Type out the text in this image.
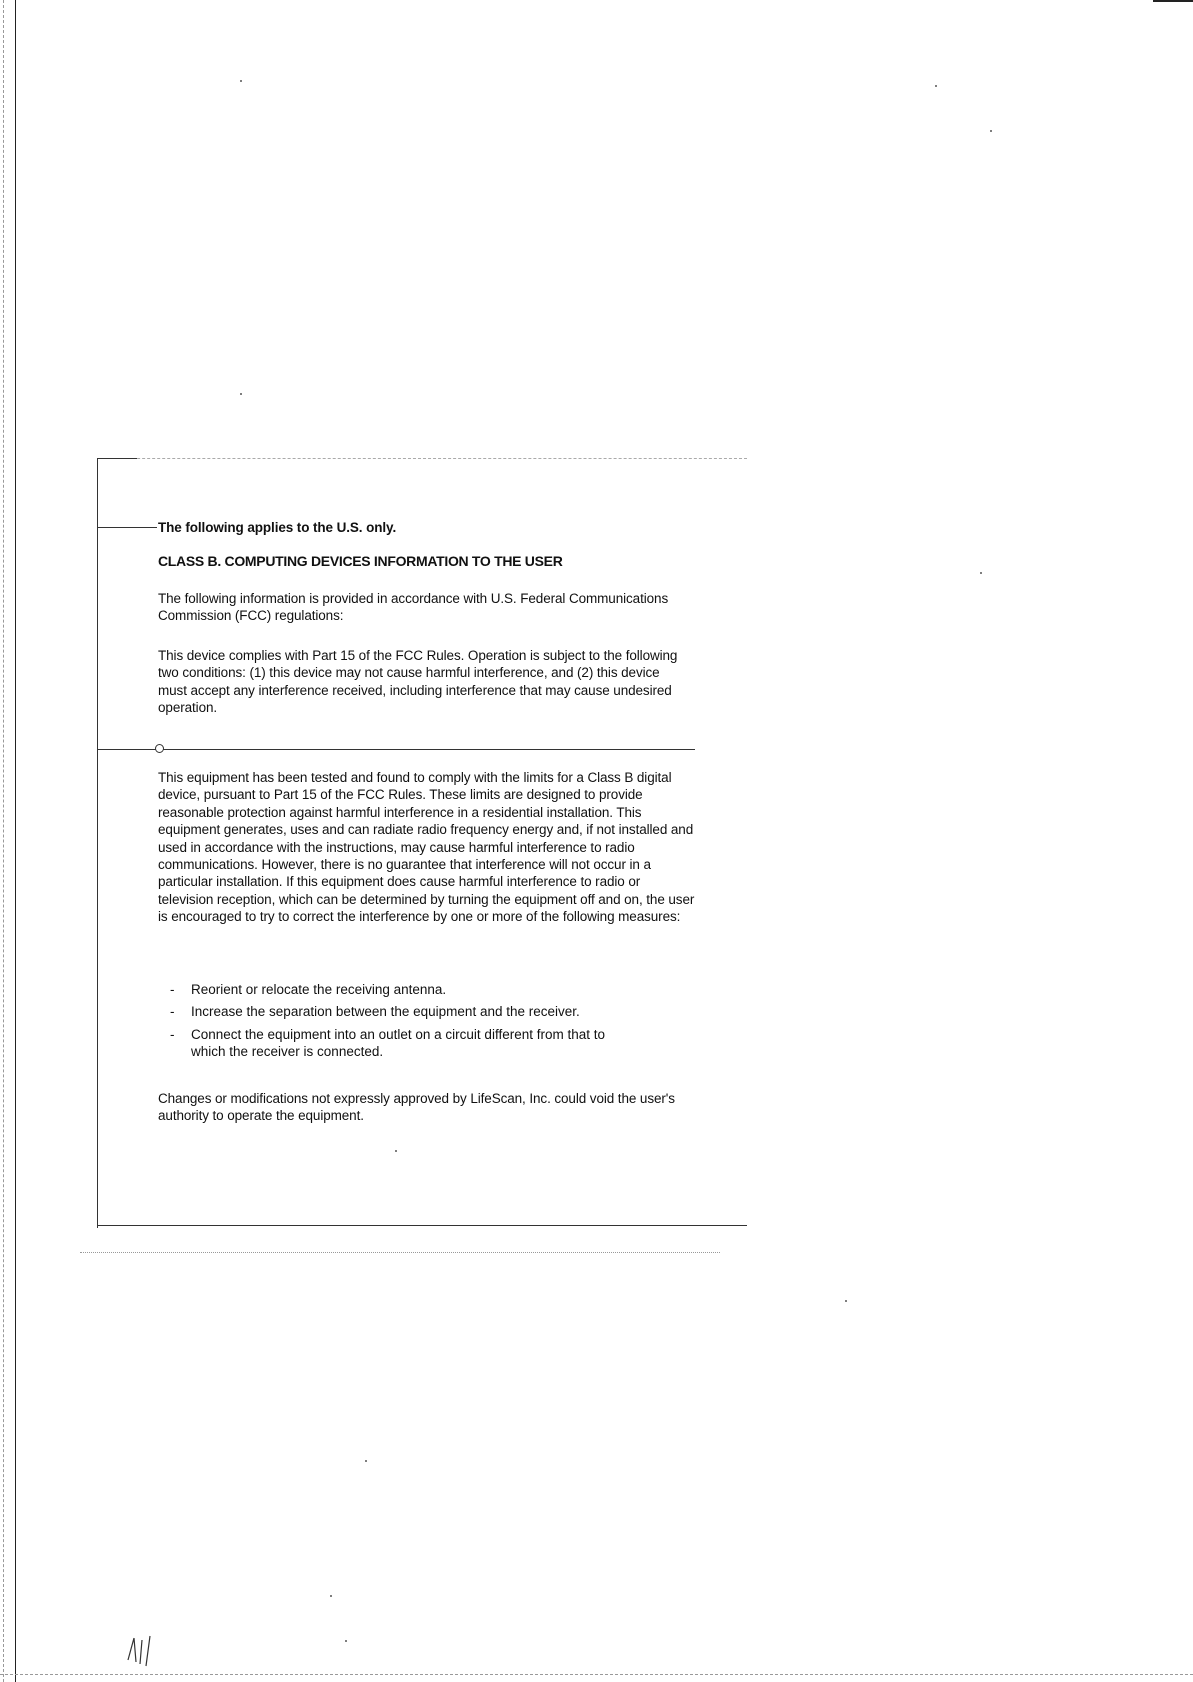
The following applies to the U.S. only.
CLASS B. COMPUTING DEVICES INFORMATION TO THE USER
The following information is provided in accordance with U.S. Federal Communications Commission (FCC) regulations:
This device complies with Part 15 of the FCC Rules. Operation is subject to the following two conditions: (1) this device may not cause harmful interference, and (2) this device must accept any interference received, including interference that may cause undesired operation.
This equipment has been tested and found to comply with the limits for a Class B digital device, pursuant to Part 15 of the FCC Rules. These limits are designed to provide reasonable protection against harmful interference in a residential installation. This equipment generates, uses and can radiate radio frequency energy and, if not installed and used in accordance with the instructions, may cause harmful interference to radio communications. However, there is no guarantee that interference will not occur in a particular installation. If this equipment does cause harmful interference to radio or television reception, which can be determined by turning the equipment off and on, the user is encouraged to try to correct the interference by one or more of the following measures:
- Reorient or relocate the receiving antenna.
- Increase the separation between the equipment and the receiver.
- Connect the equipment into an outlet on a circuit different from that to which the receiver is connected.
Changes or modifications not expressly approved by LifeScan, Inc. could void the user's authority to operate the equipment.
